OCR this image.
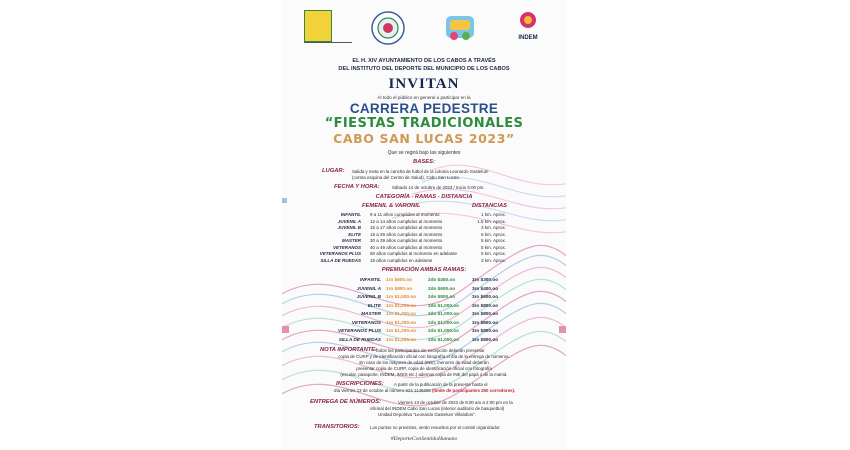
INDEM
EL H. XIV AYUNTAMIENTO DE LOS CABOS A TRAVÉS
DEL INSTITUTO DEL DEPORTE DEL MUNICIPIO DE LOS CABOS
INVITAN
Al todo el público en general a participar en la
CARRERA PEDESTRE
“FIESTAS TRADICIONALES
CABO SAN LUCAS 2023”
Que se regirá bajo las siguientes
BASES:
LUGAR: Salida y meta en la cancha de futbol de la colonia Leonardo Gastelum
(contra esquina del Centro de Salud), Cabo San Lucas.
FECHA Y HORA:	Sábado 14 de octubre de 2023 / Inicio 5:00 pm.
CATEGORÍA - RAMAS - DISTANCIA
FEMENIL & VARONIL	DISTANCIAS
INFANTIL 9 a 11 años cumplidos al momento	1 km. Aprox.
JUVENIL A 12 a 14 años cumplidos al momento	1.5 km. Aprox.
JUVENIL B 15 a 17 años cumplidos al momento	3 km. Aprox.
ELITE 18 a 29 años cumplidos al momento	5 km. Aprox.
MASTER 30 a 39 años cumplidos al momento	5 km. Aprox.
VETERANOS 40 a 49 años cumplidos al momento	5 km. Aprox.
VETERANOS PLUS 50 años cumplidos al momento en adelante	5 km. Aprox.
SILLA DE RUEDAS 18 años cumplidos en adelante	3 km. Aprox.
PREMIACIÓN AMBAS RAMAS:
INFANTIL 1ro $600.oo	2do $450.oo	3ro $300.oo
JUVENIL A 1ro $800.oo	2do $600.oo	3ro $400.oo
JUVENIL B 1ro $1,000.oo	2do $800.oo	3ro $600.oo
ELITE 1ro $1,200.oo	2do $1,000.oo	3ro $800.oo
MASTER 1ro $1,200.oo	2do $1,000.oo	3ro $800.oo
VETERANOS 1ro $1,200.oo	2do $1,000.oo	3ro $800.oo
VETERANOS PLUS 1ro $1,200.oo	2do $1,000.oo	3ro $800.oo
SILLA DE RUEDAS 1ro $1,200.oo	2do $1,000.oo	3ro $800.oo
NOTA IMPORTANTE:
Todos los participantes sin excepción deberán presentar
copia de CURP y de identificación oficial con fotografía el día de la entrega de números.
En caso de los mayores de edad (INE), menores de edad deberán
presentar copia de CURP, copia de identificación oficial con fotografía
(escolar, pasaporte, INDEM, IMSS etc.) ademas copia de INE del papá o de la mamá.
INSCRIPCIONES: A partir de la publicación de la presente hasta el
día viernes 13 de octubre al número 624 1146655 (limite de participantes 250 corredores).
ENTREGA DE NÚMEROS:	Viernes 13 de octubre de 2023 de 8:00 am a 2:00 pm en la
oficinal del INDEM Cabo San Lucas (interior auditorio de basquetbol)
Unidad Deportiva “Leonardo Gastelum Villalobos”.
TRANSITORIOS: Los puntos no previstos, serán resueltos por el comité organizador.
#DeporteConSentidoHumano
